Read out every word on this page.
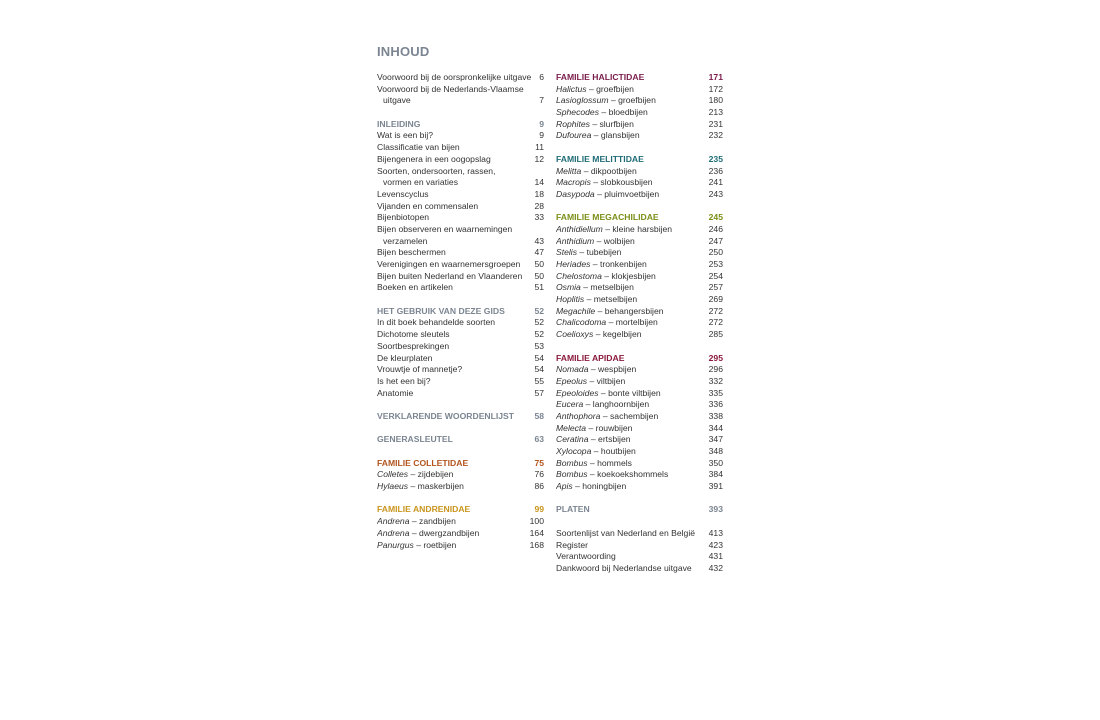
INHOUD
Voorwoord bij de oorspronkelijke uitgave 6
Voorwoord bij de Nederlands-Vlaamse
uitgave	7
INLEIDING	9
Wat is een bij?	9
Classificatie van bijen	11
Bijengenera in een oogopslag	12
Soorten, ondersoorten, rassen,
vormen en variaties	14
Levenscyclus	18
Vijanden en commensalen	28
Bijenbiotopen	33
Bijen observeren en waarnemingen
verzamelen	43
Bijen beschermen	47
Verenigingen en waarnemersgroepen	50
Bijen buiten Nederland en Vlaanderen	50
Boeken en artikelen	51
HET GEBRUIK VAN DEZE GIDS	52
In dit boek behandelde soorten	52
Dichotome sleutels	52
Soortbesprekingen	53
De kleurplaten	54
Vrouwtje of mannetje?	54
Is het een bij?	55
Anatomie	57
VERKLARENDE WOORDENLIJST 58
GENERASLEUTEL	63
FAMILIE COLLETIDAE	75
Colletes – zijdebijen	76
Hylaeus – maskerbijen	86
FAMILIE ANDRENIDAE	99
Andrena – zandbijen	100
Andrena – dwergzandbijen	164
Panurgus – roetbijen	168
FAMILIE HALICTIDAE	171
Halictus – groefbijen	172
Lasioglossum – groefbijen	180
Sphecodes – bloedbijen	213
Rophites – slurfbijen	231
Dufourea – glansbijen	232
FAMILIE MELITTIDAE	235
Melitta – dikpootbijen	236
Macropis – slobkousbijen	241
Dasypoda – pluimvoetbijen	243
FAMILIE MEGACHILIDAE	245
Anthidiellum – kleine harsbijen	246
Anthidium – wolbijen	247
Stelis – tubebijen	250
Heriades – tronkenbijen	253
Chelostoma – klokjesbijen	254
Osmia – metselbijen	257
Hoplitis – metselbijen	269
Megachile – behangersbijen	272
Chalicodoma – mortelbijen	272
Coelioxys – kegelbijen	285
FAMILIE APIDAE	295
Nomada – wespbijen	296
Epeolus – viltbijen	332
Epeoloides – bonte viltbijen	335
Eucera – langhoornbijen	336
Anthophora – sachembijen	338
Melecta – rouwbijen	344
Ceratina – ertsbijen	347
Xylocopa – houtbijen	348
Bombus – hommels	350
Bombus – koekoekshommels	384
Apis – honingbijen	391
PLATEN	393
Soortenlijst van Nederland en België	413
Register	423
Verantwoording	431
Dankwoord bij Nederlandse uitgave	432
